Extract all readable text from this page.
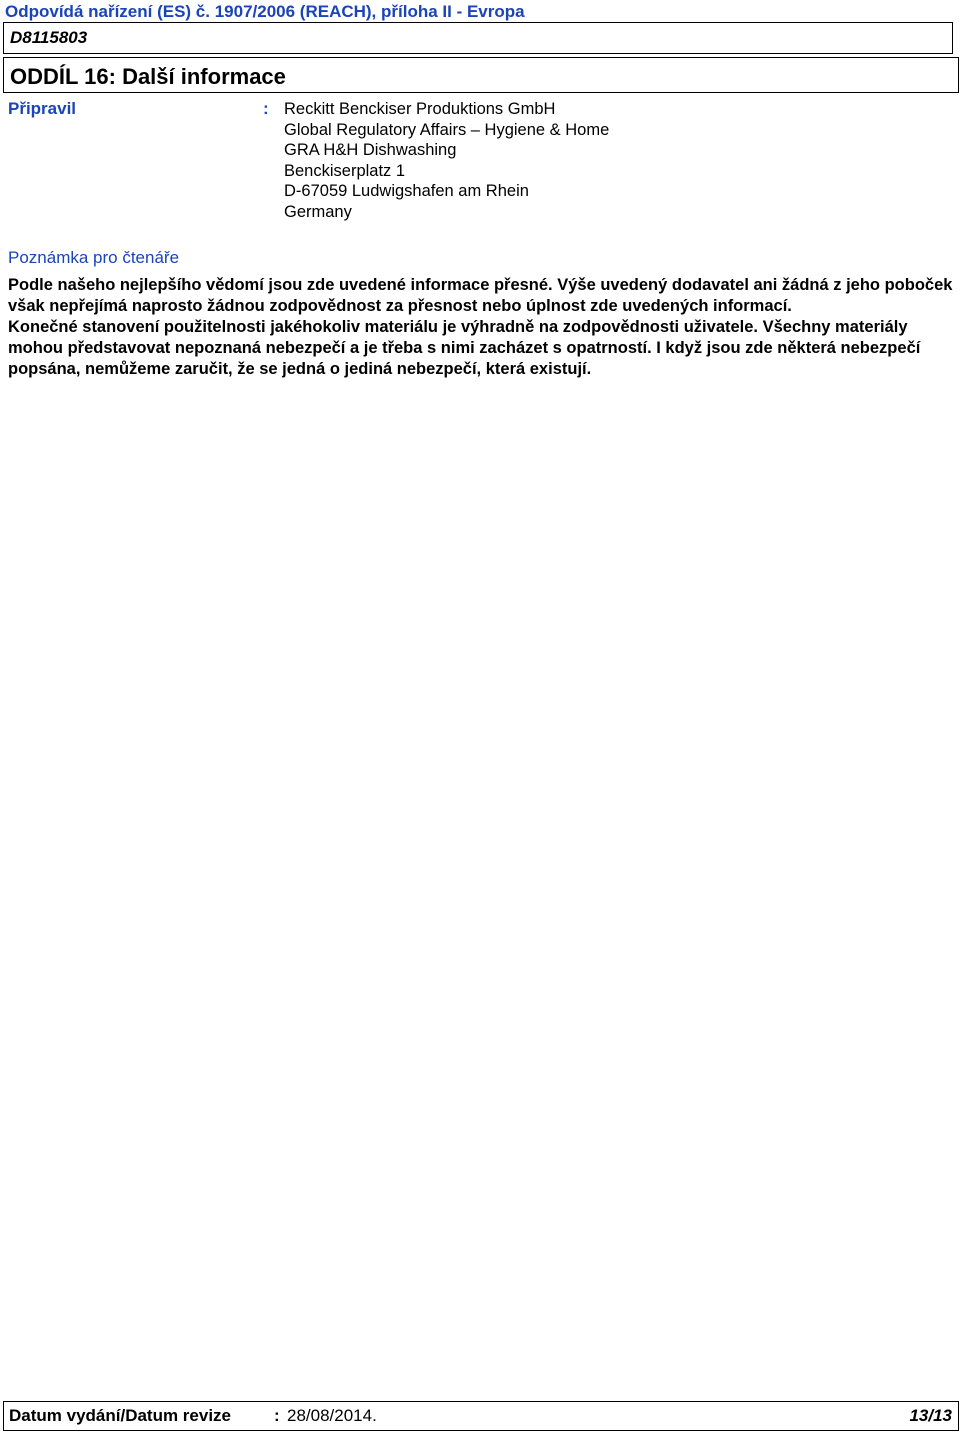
Odpovídá nařízení (ES) č. 1907/2006 (REACH), příloha II - Evropa
D8115803
ODDÍL 16: Další informace
Připravil	: Reckitt Benckiser Produktions GmbH
Global Regulatory Affairs – Hygiene & Home
GRA H&H Dishwashing
Benckiserplatz 1
D-67059 Ludwigshafen am Rhein
Germany
Poznámka pro čtenáře

Podle našeho nejlepšího vědomí jsou zde uvedené informace přesné. Výše uvedený dodavatel ani žádná z jeho poboček však nepřejímá naprosto žádnou zodpovědnost za přesnost nebo úplnost zde uvedených informací.

Konečné stanovení použitelnosti jakéhokoliv materiálu je výhradně na zodpovědnosti uživatele. Všechny materiály mohou představovat nepoznaná nebezpečí a je třeba s nimi zacházet s opatrností. I když jsou zde některá nebezpečí popsána, nemůžeme zaručit, že se jedná o jediná nebezpečí, která existují.

Datum vydání/Datum revize	: 28/08/2014.	13/13
